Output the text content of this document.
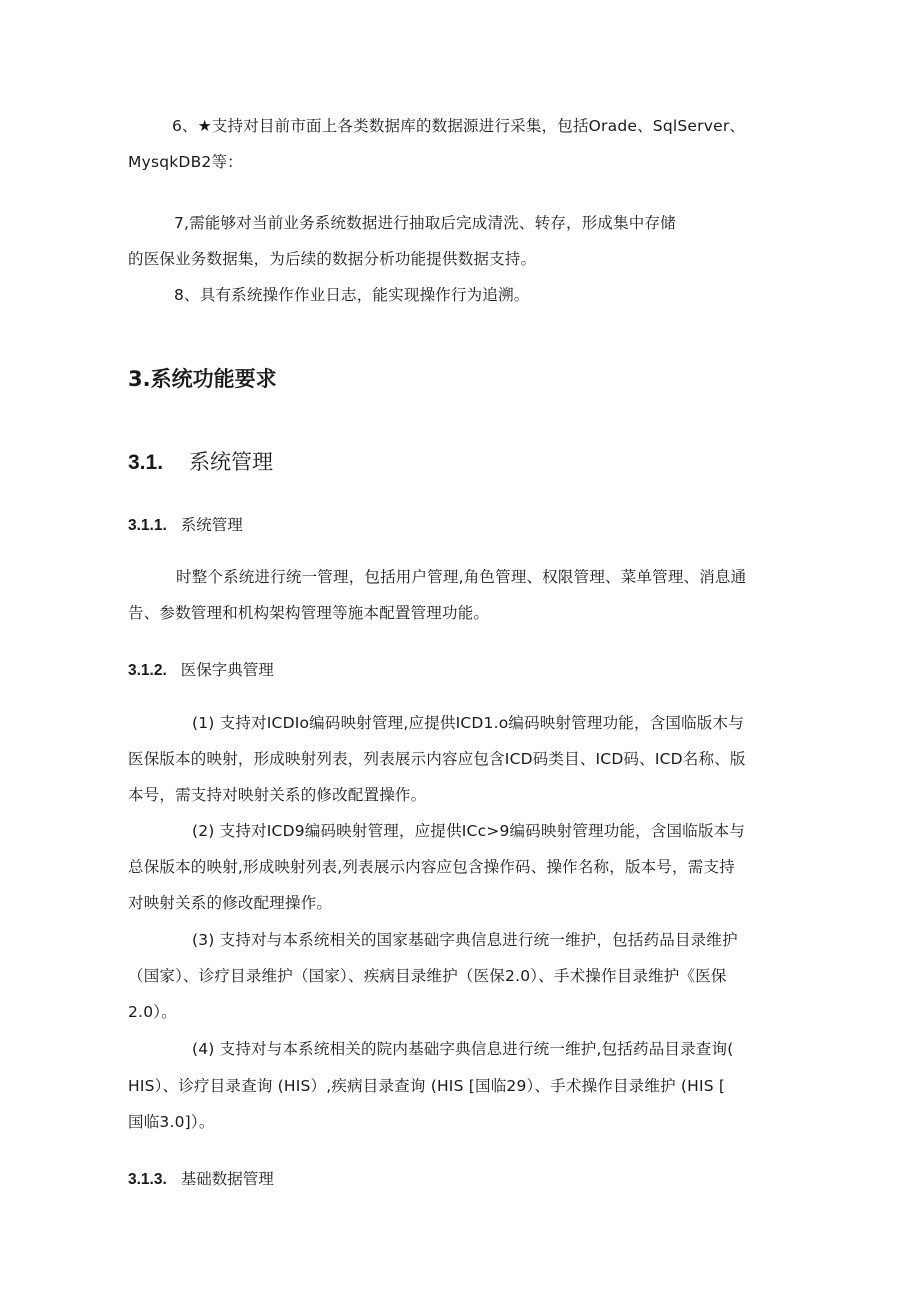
6、★支持对目前市面上各类数据库的数据源进行采集，包括Orade、SqlServer、
MysqkDB2等：
7,需能够对当前业务系统数据进行抽取后完成清洗、转存，形成集中存储
的医保业务数据集，为后续的数据分析功能提供数据支持。
8、具有系统操作作业日志，能实现操作行为追溯。
3.系统功能要求
3.1. 系统管理
3.1.1. 系统管理
时整个系统进行统一管理，包括用户管理,角色管理、权限管理、菜单管理、消息通
告、参数管理和机构架构管理等施本配置管理功能。
3.1.2. 医保字典管理
(1) 支持对ICDIo编码映射管理,应提供ICD1.o编码映射管理功能，含国临版木与
医保版本的映射，形成映射列表，列表展示内容应包含ICD码类目、ICD码、ICD名称、版
本号，需支持对映射关系的修改配置操作。
(2) 支持对ICD9编码映射管理，应提供ICc>9编码映射管理功能，含国临版本与
总保版本的映射,形成映射列表,列表展示内容应包含操作码、操作名称，版本号，需支持
对映射关系的修改配理操作。
(3) 支持对与本系统相关的国家基础字典信息进行统一维护，包括药品目录维护
（国家）、诊疗目录维护（国家）、疾病目录维护（医保2.0）、手术操作目录维护《医保
2.0）。
(4) 支持对与本系统相关的院内基础字典信息进行统一维护,包括药品目录查询(
HIS）、诊疗目录查询 (HIS）,疾病目录查询 (HIS [国临29）、手术操作目录维护 (HIS [
国临3.0]）。
3.1.3. 基础数据管理
